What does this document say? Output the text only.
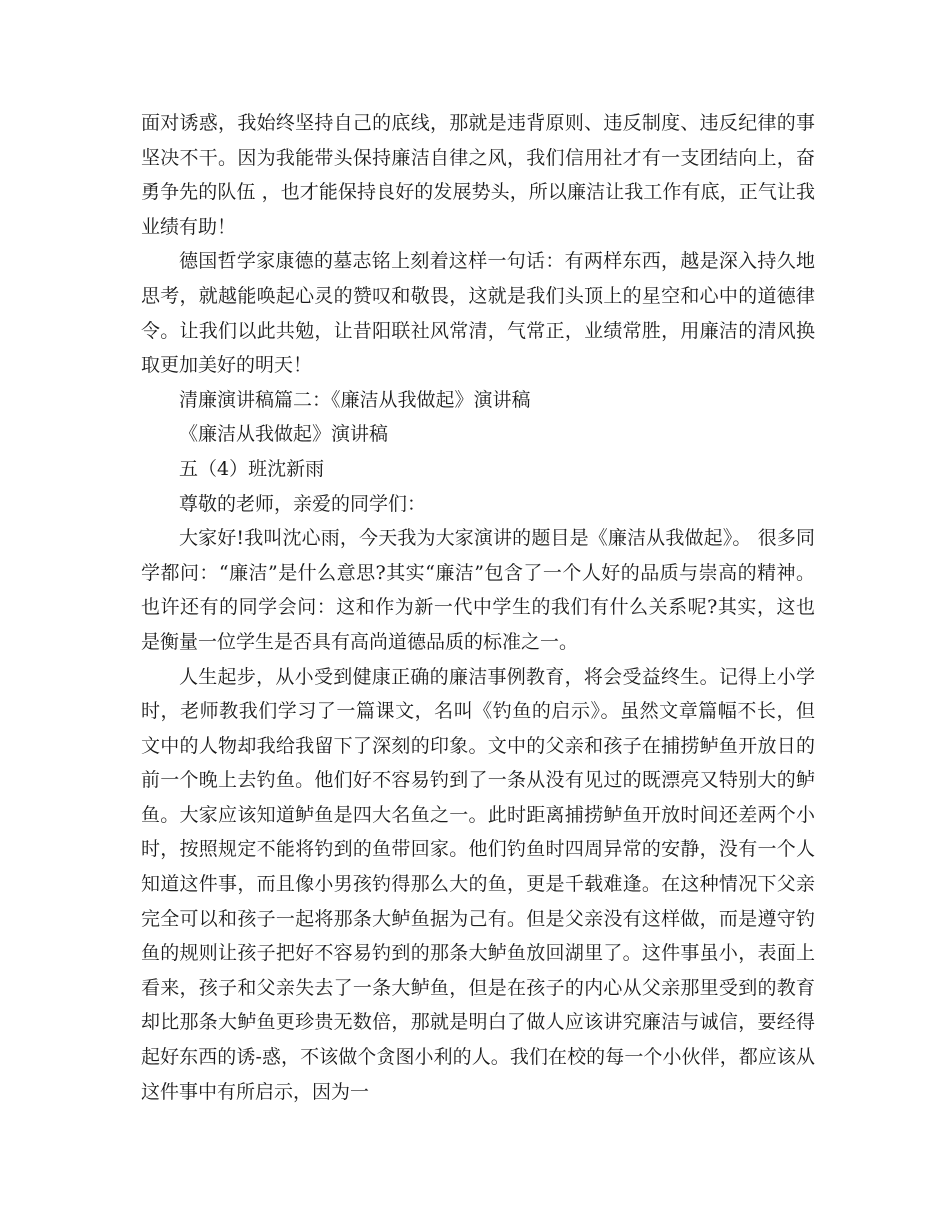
面对诱惑，我始终坚持自己的底线，那就是违背原则、违反制度、违反纪律的事坚决不干。因为我能带头保持廉洁自律之风，我们信用社才有一支团结向上，奋勇争先的队伍 ，也才能保持良好的发展势头，所以廉洁让我工作有底，正气让我业绩有助！

德国哲学家康德的墓志铭上刻着这样一句话：有两样东西，越是深入持久地思考，就越能唤起心灵的赞叹和敬畏，这就是我们头顶上的星空和心中的道德律令。让我们以此共勉，让昔阳联社风常清，气常正，业绩常胜，用廉洁的清风换取更加美好的明天！

清廉演讲稿篇二：《廉洁从我做起》演讲稿

《廉洁从我做起》演讲稿

五（4）班沈新雨

尊敬的老师，亲爱的同学们：

大家好!我叫沈心雨，今天我为大家演讲的题目是《廉洁从我做起》。 很多同学都问：“廉洁”是什么意思?其实“廉洁”包含了一个人好的品质与崇高的精神。也许还有的同学会问：这和作为新一代中学生的我们有什么关系呢?其实，这也是衡量一位学生是否具有高尚道德品质的标准之一。

人生起步，从小受到健康正确的廉洁事例教育，将会受益终生。记得上小学时，老师教我们学习了一篇课文，名叫《钓鱼的启示》。虽然文章篇幅不长，但文中的人物却我给我留下了深刻的印象。文中的父亲和孩子在捕捞鲈鱼开放日的前一个晚上去钓鱼。他们好不容易钓到了一条从没有见过的既漂亮又特别大的鲈鱼。大家应该知道鲈鱼是四大名鱼之一。此时距离捕捞鲈鱼开放时间还差两个小时，按照规定不能将钓到的鱼带回家。他们钓鱼时四周异常的安静，没有一个人知道这件事，而且像小男孩钓得那么大的鱼，更是千载难逢。在这种情况下父亲完全可以和孩子一起将那条大鲈鱼据为己有。但是父亲没有这样做，而是遵守钓鱼的规则让孩子把好不容易钓到的那条大鲈鱼放回湖里了。这件事虽小，表面上看来，孩子和父亲失去了一条大鲈鱼，但是在孩子的内心从父亲那里受到的教育却比那条大鲈鱼更珍贵无数倍，那就是明白了做人应该讲究廉洁与诚信，要经得起好东西的诱-惑，不该做个贪图小利的人。我们在校的每一个小伙伴，都应该从这件事中有所启示，因为一
